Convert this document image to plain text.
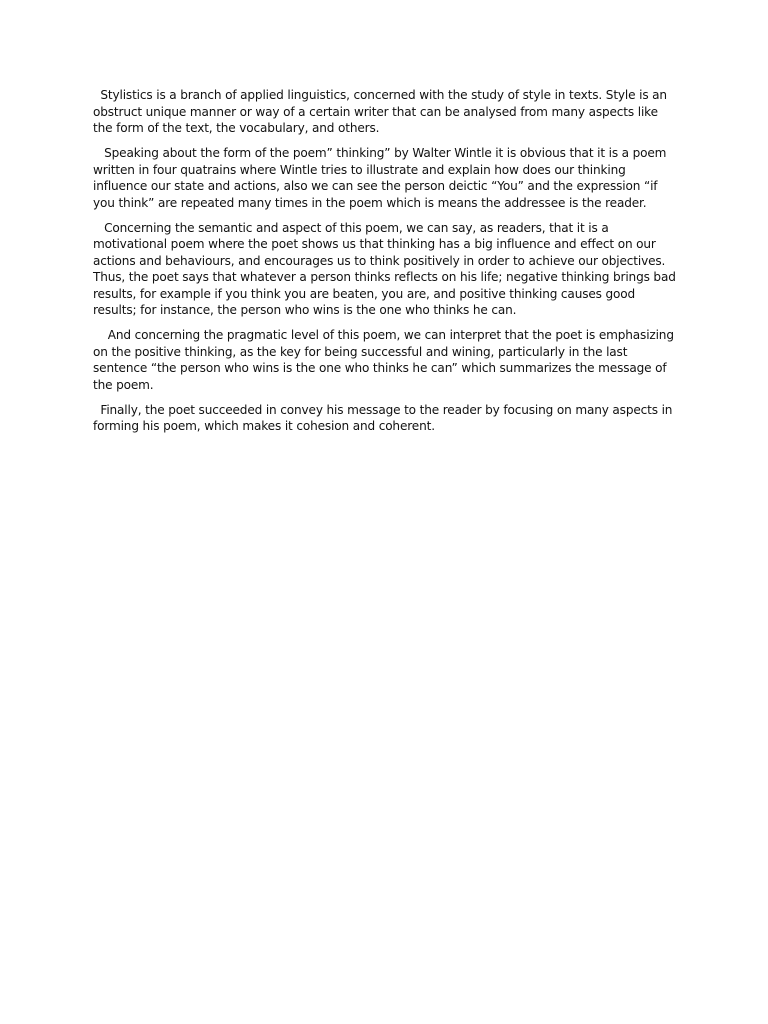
Stylistics is a branch of applied linguistics, concerned with the study of style in texts. Style is an obstruct unique manner or way of a certain writer that can be analysed from many aspects like the form of the text, the vocabulary, and others.

Speaking about the form of the poem” thinking” by Walter Wintle it is obvious that it is a poem written in four quatrains where Wintle tries to illustrate and explain how does our thinking influence our state and actions, also we can see the person deictic “You” and the expression “if you think” are repeated many times in the poem which is means the addressee is the reader.

Concerning the semantic and aspect of this poem, we can say, as readers, that it is a motivational poem where the poet shows us that thinking has a big influence and effect on our actions and behaviours, and encourages us to think positively in order to achieve our objectives. Thus, the poet says that whatever a person thinks reflects on his life; negative thinking brings bad results, for example if you think you are beaten, you are, and positive thinking causes good results; for instance, the person who wins is the one who thinks he can.

And concerning the pragmatic level of this poem, we can interpret that the poet is emphasizing on the positive thinking, as the key for being successful and wining, particularly in the last sentence “the person who wins is the one who thinks he can” which summarizes the message of the poem.

Finally, the poet succeeded in convey his message to the reader by focusing on many aspects in forming his poem, which makes it cohesion and coherent.
